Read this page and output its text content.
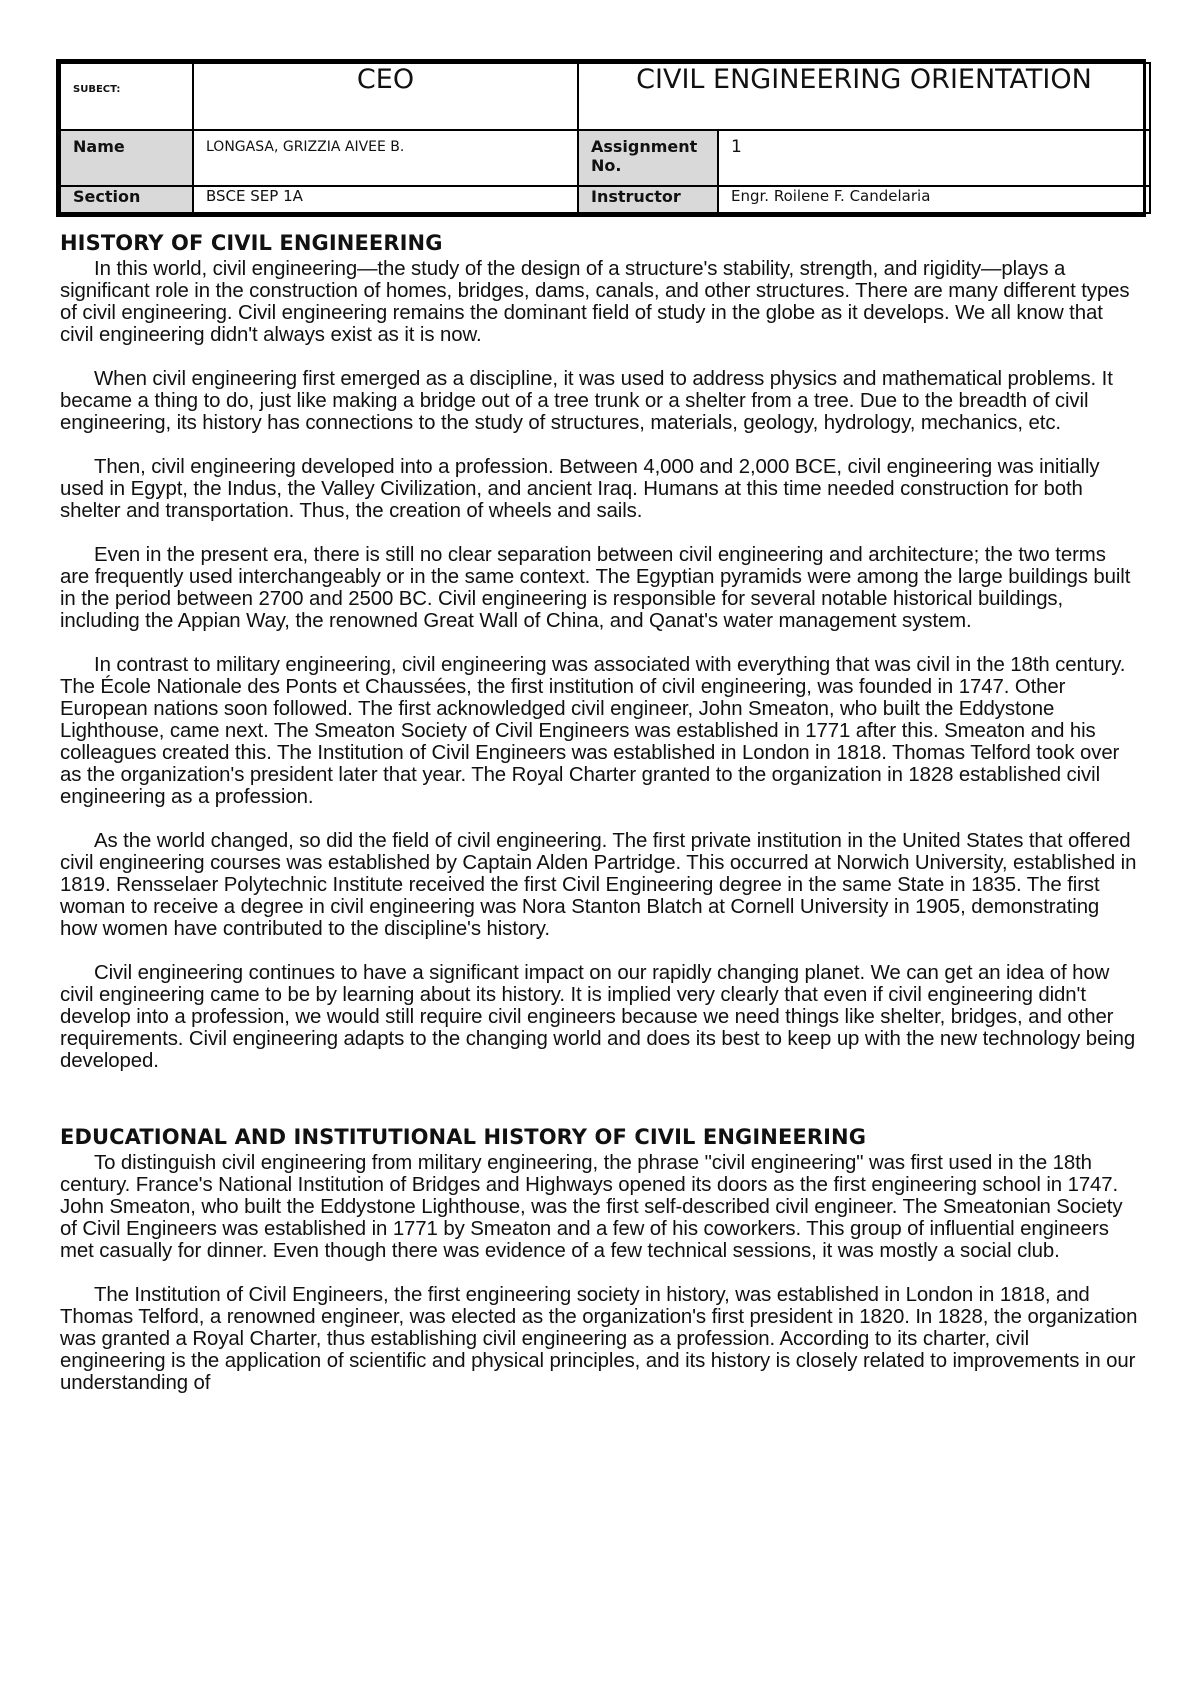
SUBECT:	CEO	CIVIL ENGINEERING ORIENTATION	
Name	LONGASA, GRIZZIA AIVEE B.	Assignment No.	1
Section	BSCE SEP 1A	Instructor	Engr. Roilene F. Candelaria
HISTORY OF CIVIL ENGINEERING

In this world, civil engineering—the study of the design of a structure's stability, strength, and rigidity—plays a significant role in the construction of homes, bridges, dams, canals, and other structures. There are many different types of civil engineering. Civil engineering remains the dominant field of study in the globe as it develops. We all know that civil engineering didn't always exist as it is now.

When civil engineering first emerged as a discipline, it was used to address physics and mathematical problems. It became a thing to do, just like making a bridge out of a tree trunk or a shelter from a tree. Due to the breadth of civil engineering, its history has connections to the study of structures, materials, geology, hydrology, mechanics, etc.

Then, civil engineering developed into a profession. Between 4,000 and 2,000 BCE, civil engineering was initially used in Egypt, the Indus, the Valley Civilization, and ancient Iraq. Humans at this time needed construction for both shelter and transportation. Thus, the creation of wheels and sails.

Even in the present era, there is still no clear separation between civil engineering and architecture; the two terms are frequently used interchangeably or in the same context. The Egyptian pyramids were among the large buildings built in the period between 2700 and 2500 BC. Civil engineering is responsible for several notable historical buildings, including the Appian Way, the renowned Great Wall of China, and Qanat's water management system.

In contrast to military engineering, civil engineering was associated with everything that was civil in the 18th century. The École Nationale des Ponts et Chaussées, the first institution of civil engineering, was founded in 1747. Other European nations soon followed. The first acknowledged civil engineer, John Smeaton, who built the Eddystone Lighthouse, came next. The Smeaton Society of Civil Engineers was established in 1771 after this. Smeaton and his colleagues created this. The Institution of Civil Engineers was established in London in 1818. Thomas Telford took over as the organization's president later that year. The Royal Charter granted to the organization in 1828 established civil engineering as a profession.

As the world changed, so did the field of civil engineering. The first private institution in the United States that offered civil engineering courses was established by Captain Alden Partridge. This occurred at Norwich University, established in 1819. Rensselaer Polytechnic Institute received the first Civil Engineering degree in the same State in 1835. The first woman to receive a degree in civil engineering was Nora Stanton Blatch at Cornell University in 1905, demonstrating how women have contributed to the discipline's history.

Civil engineering continues to have a significant impact on our rapidly changing planet. We can get an idea of how civil engineering came to be by learning about its history. It is implied very clearly that even if civil engineering didn't develop into a profession, we would still require civil engineers because we need things like shelter, bridges, and other requirements. Civil engineering adapts to the changing world and does its best to keep up with the new technology being developed.

EDUCATIONAL AND INSTITUTIONAL HISTORY OF CIVIL ENGINEERING

To distinguish civil engineering from military engineering, the phrase "civil engineering" was first used in the 18th century. France's National Institution of Bridges and Highways opened its doors as the first engineering school in 1747. John Smeaton, who built the Eddystone Lighthouse, was the first self-described civil engineer. The Smeatonian Society of Civil Engineers was established in 1771 by Smeaton and a few of his coworkers. This group of influential engineers met casually for dinner. Even though there was evidence of a few technical sessions, it was mostly a social club.

The Institution of Civil Engineers, the first engineering society in history, was established in London in 1818, and Thomas Telford, a renowned engineer, was elected as the organization's first president in 1820. In 1828, the organization was granted a Royal Charter, thus establishing civil engineering as a profession. According to its charter, civil engineering is the application of scientific and physical principles, and its history is closely related to improvements in our understanding of
